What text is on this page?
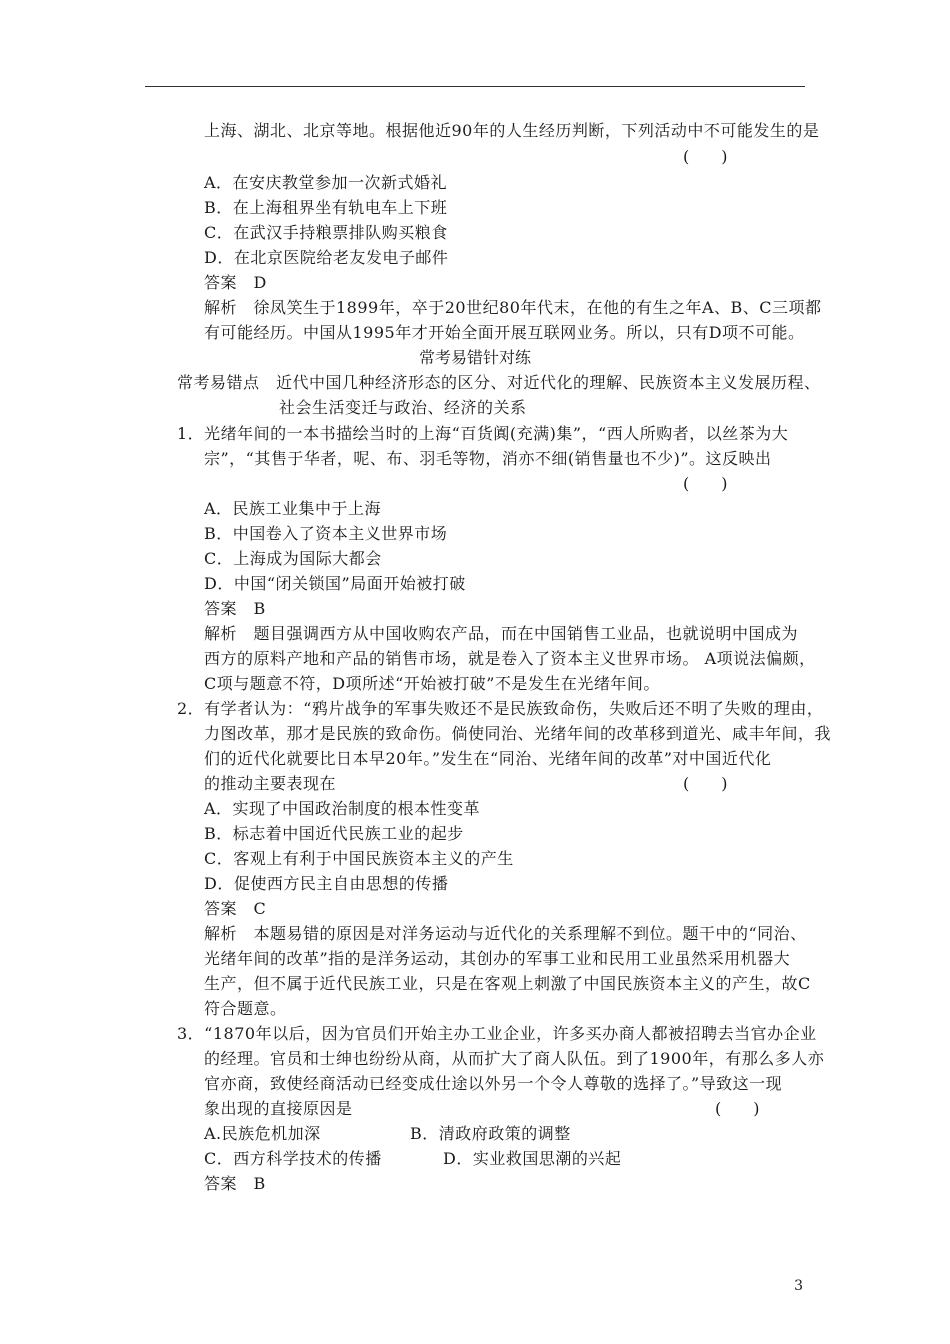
上海、湖北、北京等地。根据他近90年的人生经历判断，下列活动中不可能发生的是
(　　)
A．在安庆教堂参加一次新式婚礼
B．在上海租界坐有轨电车上下班
C．在武汉手持粮票排队购买粮食
D．在北京医院给老友发电子邮件
答案　D
解析　徐凤笑生于1899年，卒于20世纪80年代末，在他的有生之年A、B、C三项都
有可能经历。中国从1995年才开始全面开展互联网业务。所以，只有D项不可能。
常考易错针对练
常考易错点　近代中国几种经济形态的区分、对近代化的理解、民族资本主义发展历程、
社会生活变迁与政治、经济的关系
1．光绪年间的一本书描绘当时的上海“百货阗(充满)集”，“西人所购者，以丝茶为大
宗”，“其售于华者，呢、布、羽毛等物，消亦不细(销售量也不少)”。这反映出
(　　)
A．民族工业集中于上海
B．中国卷入了资本主义世界市场
C．上海成为国际大都会
D．中国“闭关锁国”局面开始被打破
答案　B
解析　题目强调西方从中国收购农产品，而在中国销售工业品，也就说明中国成为
西方的原料产地和产品的销售市场，就是卷入了资本主义世界市场。 A项说法偏颇，
C项与题意不符，D项所述“开始被打破”不是发生在光绪年间。
2．有学者认为：“鸦片战争的军事失败还不是民族致命伤，失败后还不明了失败的理由，
力图改革，那才是民族的致命伤。倘使同治、光绪年间的改革移到道光、咸丰年间，我
们的近代化就要比日本早20年。”发生在“同治、光绪年间的改革”对中国近代化
的推动主要表现在	(　　)
A．实现了中国政治制度的根本性变革
B．标志着中国近代民族工业的起步
C．客观上有利于中国民族资本主义的产生
D．促使西方民主自由思想的传播
答案　C
解析　本题易错的原因是对洋务运动与近代化的关系理解不到位。题干中的“同治、
光绪年间的改革”指的是洋务运动，其创办的军事工业和民用工业虽然采用机器大
生产，但不属于近代民族工业，只是在客观上刺激了中国民族资本主义的产生，故C
符合题意。
3．“1870年以后，因为官员们开始主办工业企业，许多买办商人都被招聘去当官办企业
的经理。官员和士绅也纷纷从商，从而扩大了商人队伍。到了1900年，有那么多人亦
官亦商，致使经商活动已经变成仕途以外另一个令人尊敬的选择了。”导致这一现
象出现的直接原因是	(　　)
A.民族危机加深	B．清政府政策的调整
C．西方科学技术的传播	D．实业救国思潮的兴起
答案　B
3
